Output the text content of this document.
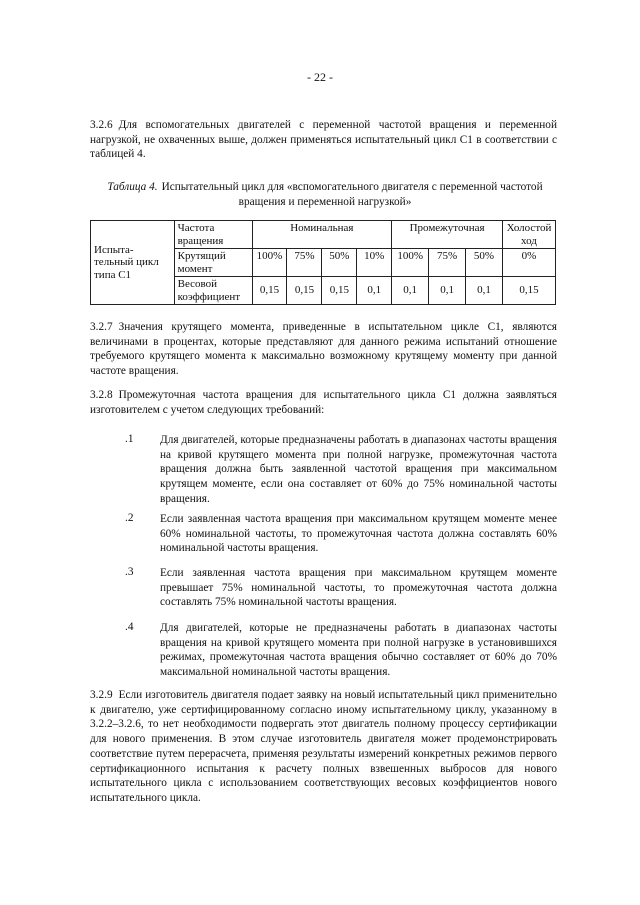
- 22 -
3.2.6 Для вспомогательных двигателей с переменной частотой вращения и переменной нагрузкой, не охваченных выше, должен применяться испытательный цикл С1 в соответствии с таблицей 4.
Таблица 4. Испытательный цикл для «вспомогательного двигателя с переменной частотой вращения и переменной нагрузкой»
Испыта-тельный цикл типа С1	Частота вращения	Номинальная				Промежуточная			Холостой ход
	Крутящий момент	100%	75%	50%	10%	100%	75%	50%	0%
	Весовой коэффициент	0,15	0,15	0,15	0,1	0,1	0,1	0,1	0,15
3.2.7 Значения крутящего момента, приведенные в испытательном цикле С1, являются величинами в процентах, которые представляют для данного режима испытаний отношение требуемого крутящего момента к максимально возможному крутящему моменту при данной частоте вращения.
3.2.8 Промежуточная частота вращения для испытательного цикла С1 должна заявляться изготовителем с учетом следующих требований:
.1 Для двигателей, которые предназначены работать в диапазонах частоты вращения на кривой крутящего момента при полной нагрузке, промежуточная частота вращения должна быть заявленной частотой вращения при максимальном крутящем моменте, если она составляет от 60% до 75% номинальной частоты вращения.
.2 Если заявленная частота вращения при максимальном крутящем моменте менее 60% номинальной частоты, то промежуточная частота должна составлять 60% номинальной частоты вращения.
.3 Если заявленная частота вращения при максимальном крутящем моменте превышает 75% номинальной частоты, то промежуточная частота должна составлять 75% номинальной частоты вращения.
.4 Для двигателей, которые не предназначены работать в диапазонах частоты вращения на кривой крутящего момента при полной нагрузке в установившихся режимах, промежуточная частота вращения обычно составляет от 60% до 70% максимальной номинальной частоты вращения.
3.2.9 Если изготовитель двигателя подает заявку на новый испытательный цикл применительно к двигателю, уже сертифицированному согласно иному испытательному циклу, указанному в 3.2.2–3.2.6, то нет необходимости подвергать этот двигатель полному процессу сертификации для нового применения. В этом случае изготовитель двигателя может продемонстрировать соответствие путем перерасчета, применяя результаты измерений конкретных режимов первого сертификационного испытания к расчету полных взвешенных выбросов для нового испытательного цикла с использованием соответствующих весовых коэффициентов нового испытательного цикла.
